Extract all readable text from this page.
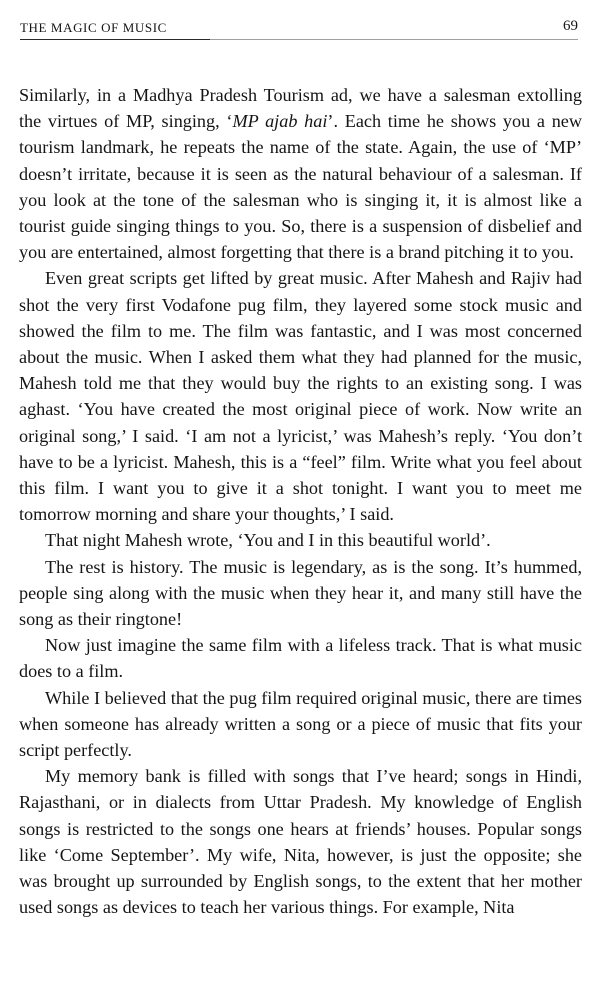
THE MAGIC OF MUSIC	69

Similarly, in a Madhya Pradesh Tourism ad, we have a salesman extolling the virtues of MP, singing, ‘MP ajab hai’. Each time he shows you a new tourism landmark, he repeats the name of the state. Again, the use of ‘MP’ doesn’t irritate, because it is seen as the natural behaviour of a salesman. If you look at the tone of the salesman who is singing it, it is almost like a tourist guide singing things to you. So, there is a suspension of disbelief and you are entertained, almost forgetting that there is a brand pitching it to you.

Even great scripts get lifted by great music. After Mahesh and Rajiv had shot the very first Vodafone pug film, they layered some stock music and showed the film to me. The film was fantastic, and I was most concerned about the music. When I asked them what they had planned for the music, Mahesh told me that they would buy the rights to an existing song. I was aghast. ‘You have created the most original piece of work. Now write an original song,’ I said. ‘I am not a lyricist,’ was Mahesh’s reply. ‘You don’t have to be a lyricist. Mahesh, this is a “feel” film. Write what you feel about this film. I want you to give it a shot tonight. I want you to meet me tomorrow morning and share your thoughts,’ I said.

That night Mahesh wrote, ‘You and I in this beautiful world’.

The rest is history. The music is legendary, as is the song. It’s hummed, people sing along with the music when they hear it, and many still have the song as their ringtone!

Now just imagine the same film with a lifeless track. That is what music does to a film.

While I believed that the pug film required original music, there are times when someone has already written a song or a piece of music that fits your script perfectly.

My memory bank is filled with songs that I’ve heard; songs in Hindi, Rajasthani, or in dialects from Uttar Pradesh. My knowledge of English songs is restricted to the songs one hears at friends’ houses. Popular songs like ‘Come September’. My wife, Nita, however, is just the opposite; she was brought up surrounded by English songs, to the extent that her mother used songs as devices to teach her various things. For example, Nita
